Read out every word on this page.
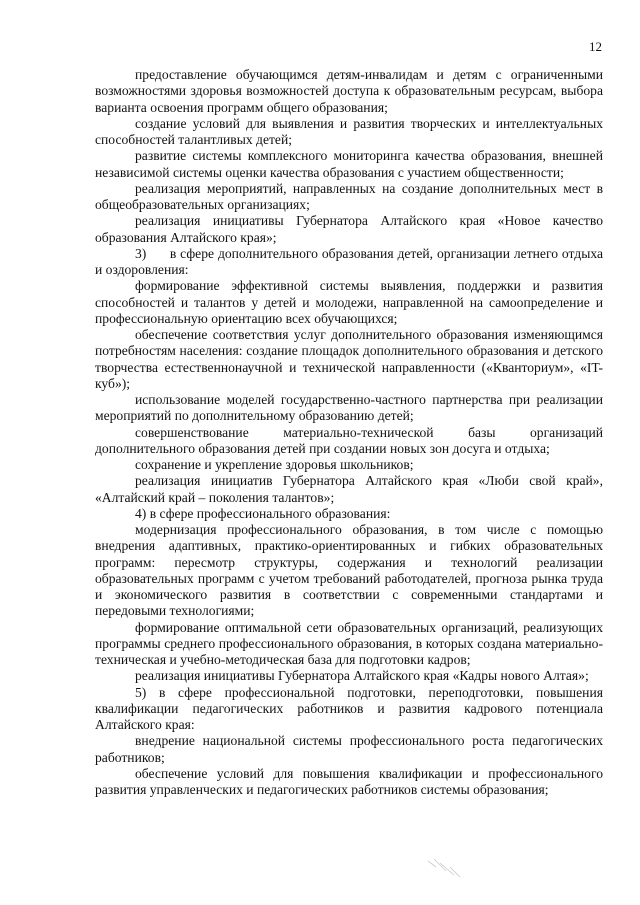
12

предоставление обучающимся детям-инвалидам и детям с ограниченными возможностями здоровья возможностей доступа к образовательным ресурсам, выбора варианта освоения программ общего образования;

создание условий для выявления и развития творческих и интеллектуальных способностей талантливых детей;

развитие системы комплексного мониторинга качества образования, внешней независимой системы оценки качества образования с участием общественности;

реализация мероприятий, направленных на создание дополнительных мест в общеобразовательных организациях;

реализация инициативы Губернатора Алтайского края «Новое качество образования Алтайского края»;

3)      в сфере дополнительного образования детей, организации летнего отдыха и оздоровления:

формирование эффективной системы выявления, поддержки и развития способностей и талантов у детей и молодежи, направленной на самоопределение и профессиональную ориентацию всех обучающихся;

обеспечение соответствия услуг дополнительного образования изменяющимся потребностям населения: создание площадок дополнительного образования и детского творчества естественнонаучной и технической направленности («Кванториум», «IT-куб»);

использование моделей государственно-частного партнерства при реализации мероприятий по дополнительному образованию детей;

совершенствование материально-технической базы организаций дополнительного образования детей при создании новых зон досуга и отдыха;

сохранение и укрепление здоровья школьников;

реализация инициатив Губернатора Алтайского края «Люби свой край», «Алтайский край – поколения талантов»;

4) в сфере профессионального образования:

модернизация профессионального образования, в том числе с помощью внедрения адаптивных, практико-ориентированных и гибких образовательных программ: пересмотр структуры, содержания и технологий реализации образовательных программ с учетом требований работодателей, прогноза рынка труда и экономического развития в соответствии с современными стандартами и передовыми технологиями;

формирование оптимальной сети образовательных организаций, реализующих программы среднего профессионального образования, в которых создана материально-техническая и учебно-методическая база для подготовки кадров;

реализация инициативы Губернатора Алтайского края «Кадры нового Алтая»;

5) в сфере профессиональной подготовки, переподготовки, повышения квалификации педагогических работников и развития кадрового потенциала Алтайского края:

внедрение национальной системы профессионального роста педагогических работников;

обеспечение условий для повышения квалификации и профессионального развития управленческих и педагогических работников системы образования;
